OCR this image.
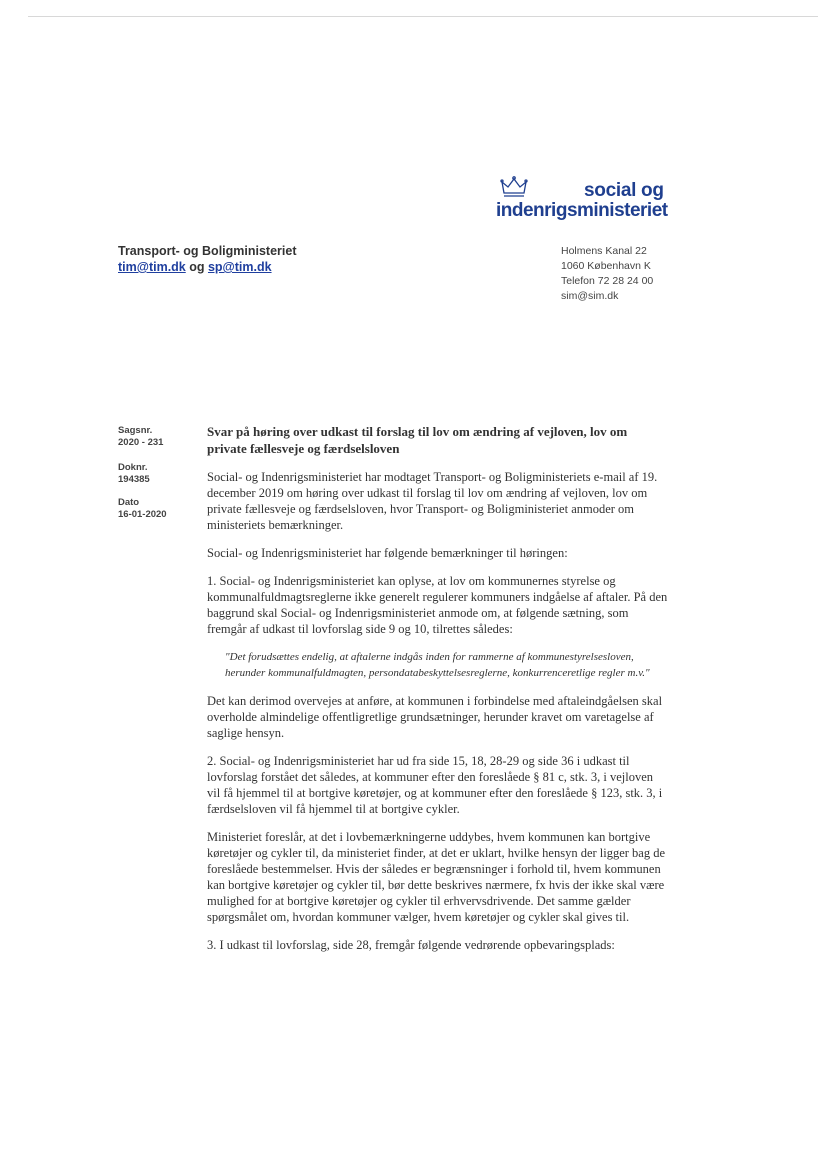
social og
indenrigsministeriet
Transport- og Boligministeriet
tim@tim.dk og sp@tim.dk
Holmens Kanal 22
1060 København K
Telefon 72 28 24 00
sim@sim.dk
Sagsnr.
2020 - 231
Doknr.
194385
Dato
16-01-2020
Svar på høring over udkast til forslag til lov om ændring af vejloven, lov om private fællesveje og færdselsloven

Social- og Indenrigsministeriet har modtaget Transport- og Boligministeriets e-mail af 19. december 2019 om høring over udkast til forslag til lov om ændring af vejloven, lov om private fællesveje og færdselsloven, hvor Transport- og Boligministeriet anmoder om ministeriets bemærkninger.

Social- og Indenrigsministeriet har følgende bemærkninger til høringen:

1. Social- og Indenrigsministeriet kan oplyse, at lov om kommunernes styrelse og kommunalfuldmagtsreglerne ikke generelt regulerer kommuners indgåelse af aftaler. På den baggrund skal Social- og Indenrigsministeriet anmode om, at følgende sætning, som fremgår af udkast til lovforslag side 9 og 10, tilrettes således:

"Det forudsættes endelig, at aftalerne indgås inden for rammerne af kommunestyrelsesloven, herunder kommunalfuldmagten, persondatabeskyttelsesreglerne, konkurrenceretlige regler m.v."

Det kan derimod overvejes at anføre, at kommunen i forbindelse med aftaleindgåelsen skal overholde almindelige offentligretlige grundsætninger, herunder kravet om varetagelse af saglige hensyn.

2. Social- og Indenrigsministeriet har ud fra side 15, 18, 28-29 og side 36 i udkast til lovforslag forstået det således, at kommuner efter den foreslåede § 81 c, stk. 3, i vejloven vil få hjemmel til at bortgive køretøjer, og at kommuner efter den foreslåede § 123, stk. 3, i færdselsloven vil få hjemmel til at bortgive cykler.

Ministeriet foreslår, at det i lovbemærkningerne uddybes, hvem kommunen kan bortgive køretøjer og cykler til, da ministeriet finder, at det er uklart, hvilke hensyn der ligger bag de foreslåede bestemmelser. Hvis der således er begrænsninger i forhold til, hvem kommunen kan bortgive køretøjer og cykler til, bør dette beskrives nærmere, fx hvis der ikke skal være mulighed for at bortgive køretøjer og cykler til erhvervsdrivende. Det samme gælder spørgsmålet om, hvordan kommuner vælger, hvem køretøjer og cykler skal gives til.

3. I udkast til lovforslag, side 28, fremgår følgende vedrørende opbevaringsplads:
